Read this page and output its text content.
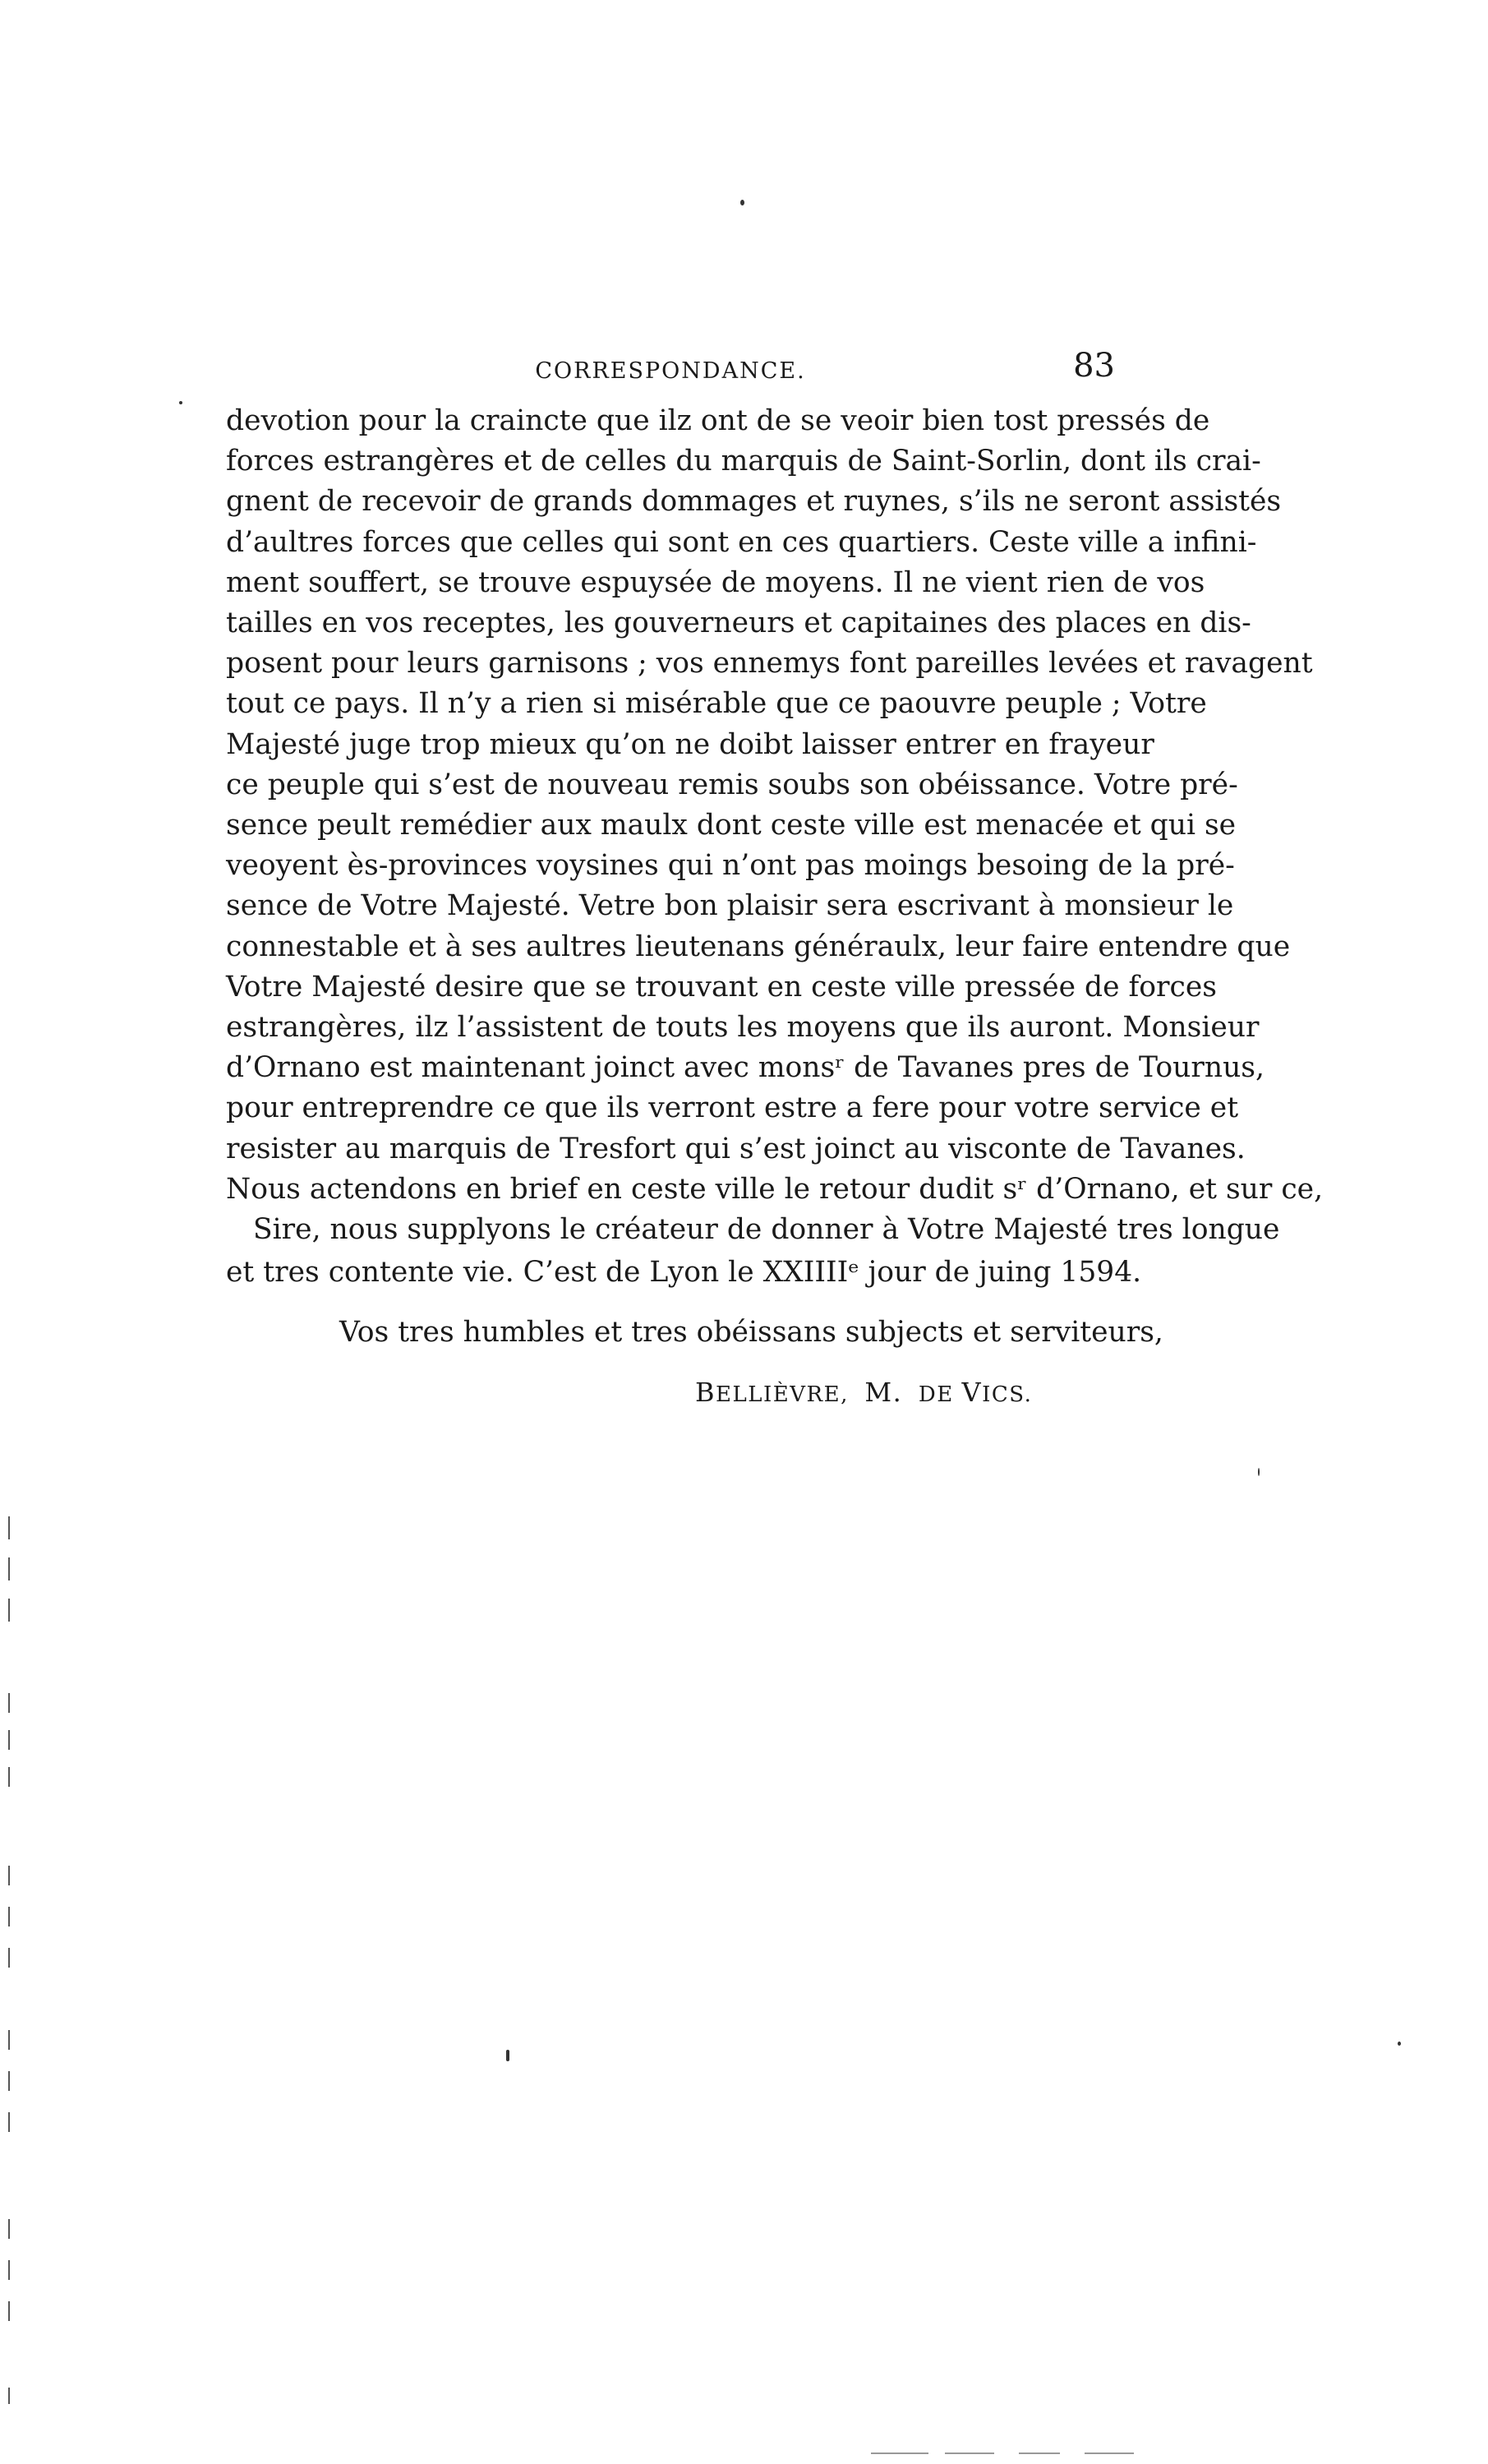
CORRESPONDANCE.	83
devotion pour la craincte que ilz ont de se veoir bien tost pressés de
forces estrangères et de celles du marquis de Saint-Sorlin, dont ils crai-
gnent de recevoir de grands dommages et ruynes, s’ils ne seront assistés
d’aultres forces que celles qui sont en ces quartiers. Ceste ville a infini-
ment souffert, se trouve espuysée de moyens. Il ne vient rien de vos
tailles en vos receptes, les gouverneurs et capitaines des places en dis-
posent pour leurs garnisons ; vos ennemys font pareilles levées et ravagent
tout ce pays. Il n’y a rien si misérable que ce paouvre peuple ; Votre
Majesté juge trop mieux qu’on ne doibt laisser entrer en frayeur
ce peuple qui s’est de nouveau remis soubs son obéissance. Votre pré-
sence peult remédier aux maulx dont ceste ville est menacée et qui se
veoyent ès-provinces voysines qui n’ont pas moings besoing de la pré-
sence de Votre Majesté. Vetre bon plaisir sera escrivant à monsieur le
connestable et à ses aultres lieutenans généraulx, leur faire entendre que
Votre Majesté desire que se trouvant en ceste ville pressée de forces
estrangères, ilz l’assistent de touts les moyens que ils auront. Monsieur
d’Ornano est maintenant joinct avec monsʳ de Tavanes pres de Tournus,
pour entreprendre ce que ils verront estre a fere pour votre service et
resister au marquis de Tresfort qui s’est joinct au visconte de Tavanes.
Nous actendons en brief en ceste ville le retour dudit sʳ d’Ornano, et sur ce,
Sire, nous supplyons le créateur de donner à Votre Majesté tres longue
et tres contente vie. C’est de Lyon le XXIIIIᵉ jour de juing 1594.
Vos tres humbles et tres obéissans subjects et serviteurs,
BELLIÈVRE, M. DE VICS.
